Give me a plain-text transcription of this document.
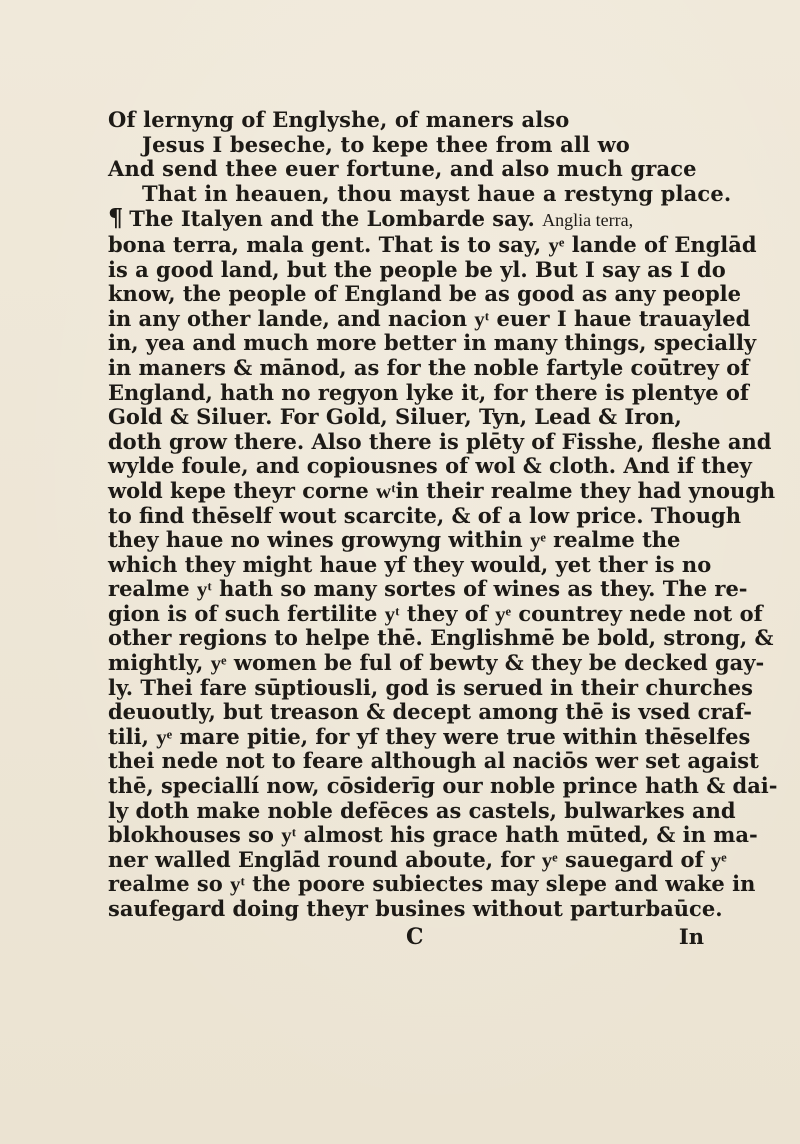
Of lernyng of Englyshe, of maners also

Jesus I beseche, to kepe thee from all wo

And send thee euer fortune, and also much grace

That in heauen, thou mayst haue a restyng place.

¶ The Italyen and the Lombarde say. Anglia terra,

bona terra, mala gent. That is to say, yͤ lande of Englād

is a good land, but the people be yl. But I say as I do

know, the people of England be as good as any people

in any other lande, and nacion yͭ euer I haue trauayled

in, yea and much more better in many things, specially

in maners & mānod, as for the noble fartyle coūtrey of

England, hath no regyon lyke it, for there is plentye of

Gold & Siluer. For Gold, Siluer, Tyn, Lead & Iron,

doth grow there. Also there is plēty of Fisshe, fleshe and

wylde foule, and copiousnes of wol & cloth. And if they

wold kepe theyr corne wͭin their realme they had ynough

to find thēself wout scarcite, & of a low price. Though

they haue no wines growyng within yͤ realme the

which they might haue yf they would, yet ther is no

realme yͭ hath so many sortes of wines as they. The re-

gion is of such fertilite yͭ they of yͤ countrey nede not of

other regions to helpe thē. Englishmē be bold, strong, &

mightly, yͤ women be ful of bewty & they be decked gay-

ly. Thei fare sūptiousli, god is serued in their churches

deuoutly, but treason & decept among thē is vsed craf-

tili, yͤ mare pitie, for yf they were true within thēselfes

thei nede not to feare although al naciōs wer set agaist

thē, speciallí now, cōsiderīg our noble prince hath & dai-

ly doth make noble defēces as castels, bulwarkes and

blokhouses so yͭ almost his grace hath mūted, & in ma-

ner walled Englād round aboute, for yͤ sauegard of yͤ

realme so yͭ the poore subiectes may slepe and wake in

saufegard doing theyr busines without parturbaūce.

C	In
